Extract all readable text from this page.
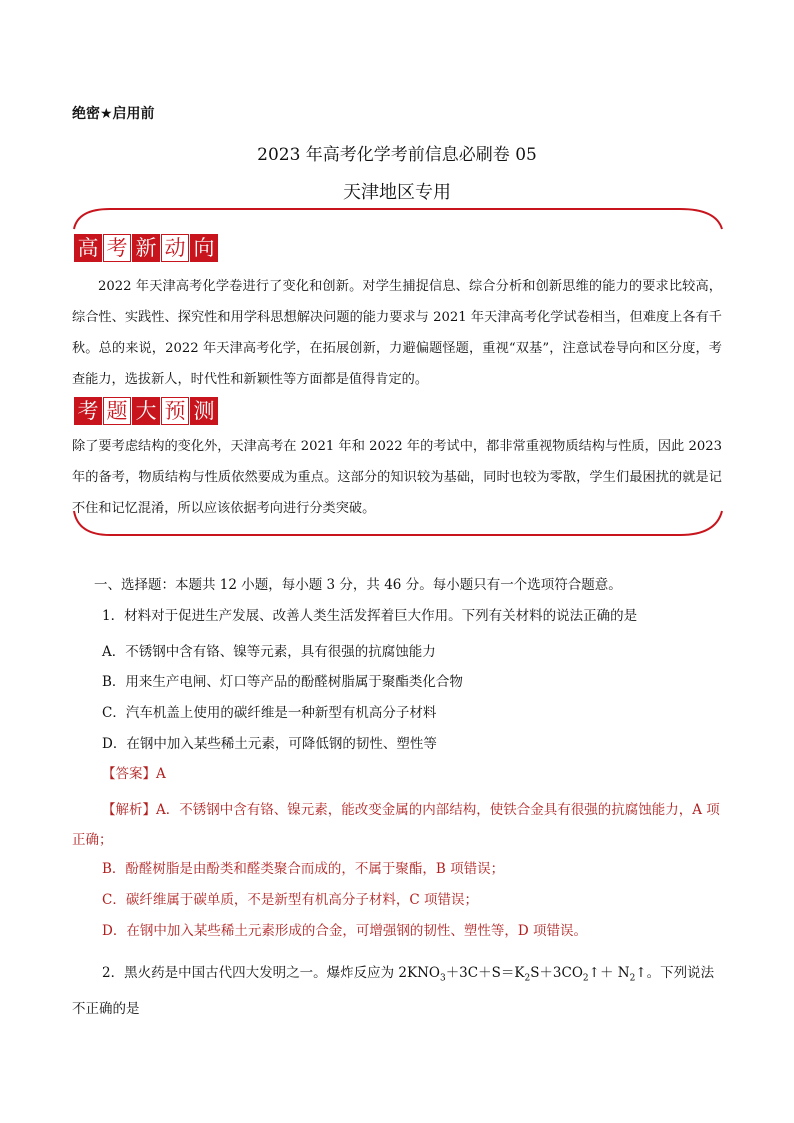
绝密★启用前
2023 年高考化学考前信息必刷卷 05
天津地区专用
高 考 新 动 向
2022 年天津高考化学卷进行了变化和创新。对学生捕捉信息、综合分析和创新思维的能力的要求比较高，综合性、实践性、探究性和用学科思想解决问题的能力要求与 2021 年天津高考化学试卷相当，但难度上各有千秋。总的来说，2022 年天津高考化学，在拓展创新，力避偏题怪题，重视“双基”，注意试卷导向和区分度，考查能力，选拔新人，时代性和新颖性等方面都是值得肯定的。
考 题 大 预 测
除了要考虑结构的变化外，天津高考在 2021 年和 2022 年的考试中，都非常重视物质结构与性质，因此 2023 年的备考，物质结构与性质依然要成为重点。这部分的知识较为基础，同时也较为零散，学生们最困扰的就是记不住和记忆混淆，所以应该依据考向进行分类突破。
一、选择题：本题共 12 小题，每小题 3 分，共 46 分。每小题只有一个选项符合题意。
1．材料对于促进生产发展、改善人类生活发挥着巨大作用。下列有关材料的说法正确的是
A．不锈钢中含有铬、镍等元素，具有很强的抗腐蚀能力
B．用来生产电闸、灯口等产品的酚醛树脂属于聚酯类化合物
C．汽车机盖上使用的碳纤维是一种新型有机高分子材料
D．在钢中加入某些稀土元素，可降低钢的韧性、塑性等
【答案】A
【解析】A．不锈钢中含有铬、镍元素，能改变金属的内部结构，使铁合金具有很强的抗腐蚀能力，A 项正确；
B．酚醛树脂是由酚类和醛类聚合而成的，不属于聚酯，B 项错误；
C．碳纤维属于碳单质，不是新型有机高分子材料，C 项错误；
D．在钢中加入某些稀土元素形成的合金，可增强钢的韧性、塑性等，D 项错误。
2．黑火药是中国古代四大发明之一。爆炸反应为 $2KNO_3+3C+S=K_2S+3CO_2↑+$ $N_2↑$。下列说法不正确的是
